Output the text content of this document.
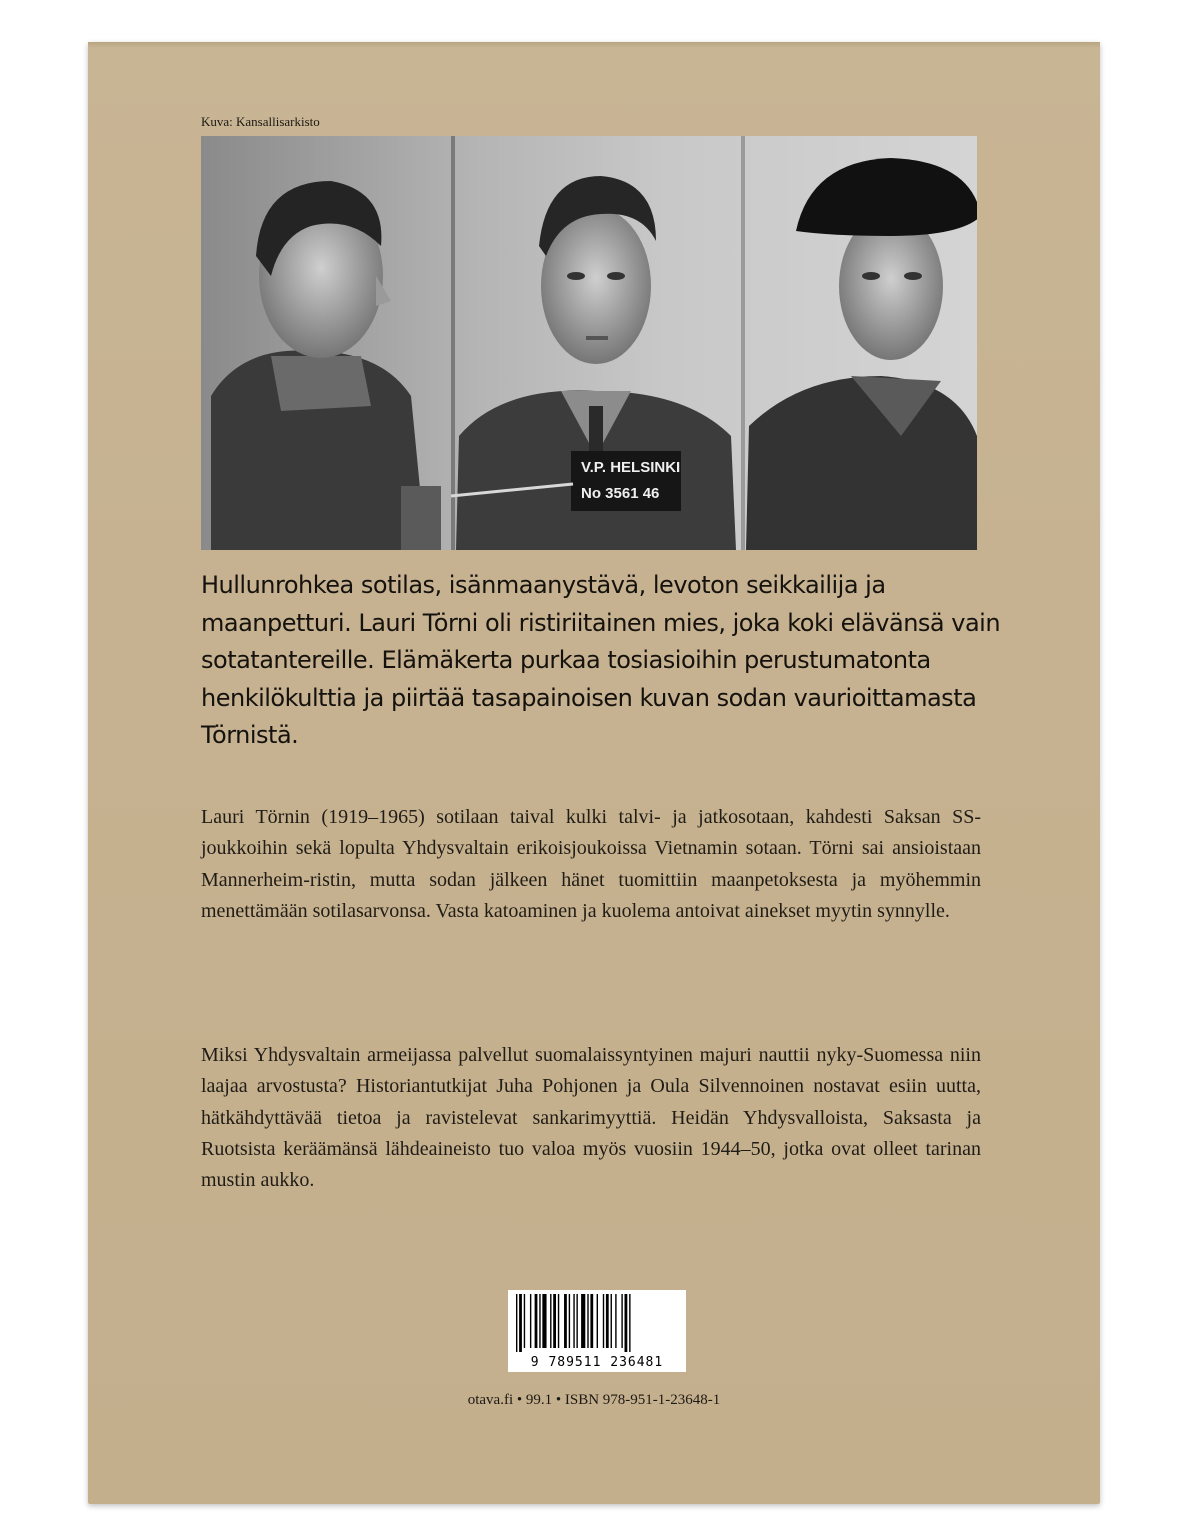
Kuva: Kansallisarkisto
V.P. HELSINKI
No 3561 46

Hullunrohkea sotilas, isänmaanystävä, levoton seikkailija ja maanpetturi. Lauri Törni oli ristiriitainen mies, joka koki elävänsä vain sotatantereille. Elämäkerta purkaa tosiasioihin perustumatonta henkilökulttia ja piirtää tasapainoisen kuvan sodan vaurioittamasta Törnistä.

Lauri Törnin (1919–1965) sotilaan taival kulki talvi- ja jatkosotaan, kahdesti Saksan SS-joukkoihin sekä lopulta Yhdysvaltain erikoisjoukoissa Vietnamin sotaan. Törni sai ansioistaan Mannerheim-ristin, mutta sodan jälkeen hänet tuomittiin maanpetoksesta ja myöhemmin menettämään sotilasarvonsa. Vasta katoaminen ja kuolema antoivat ainekset myytin synnylle.

Miksi Yhdysvaltain armeijassa palvellut suomalaissyntyinen majuri nauttii nyky-Suomessa niin laajaa arvostusta? Historiantutkijat Juha Pohjonen ja Oula Silvennoinen nostavat esiin uutta, hätkähdyttävää tietoa ja ravistelevat sankarimyyttiä. Heidän Yhdysvalloista, Saksasta ja Ruotsista keräämänsä lähdeaineisto tuo valoa myös vuosiin 1944–50, jotka ovat olleet tarinan mustin aukko.

9 789511 236481
otava.fi • 99.1 • ISBN 978-951-1-23648-1
